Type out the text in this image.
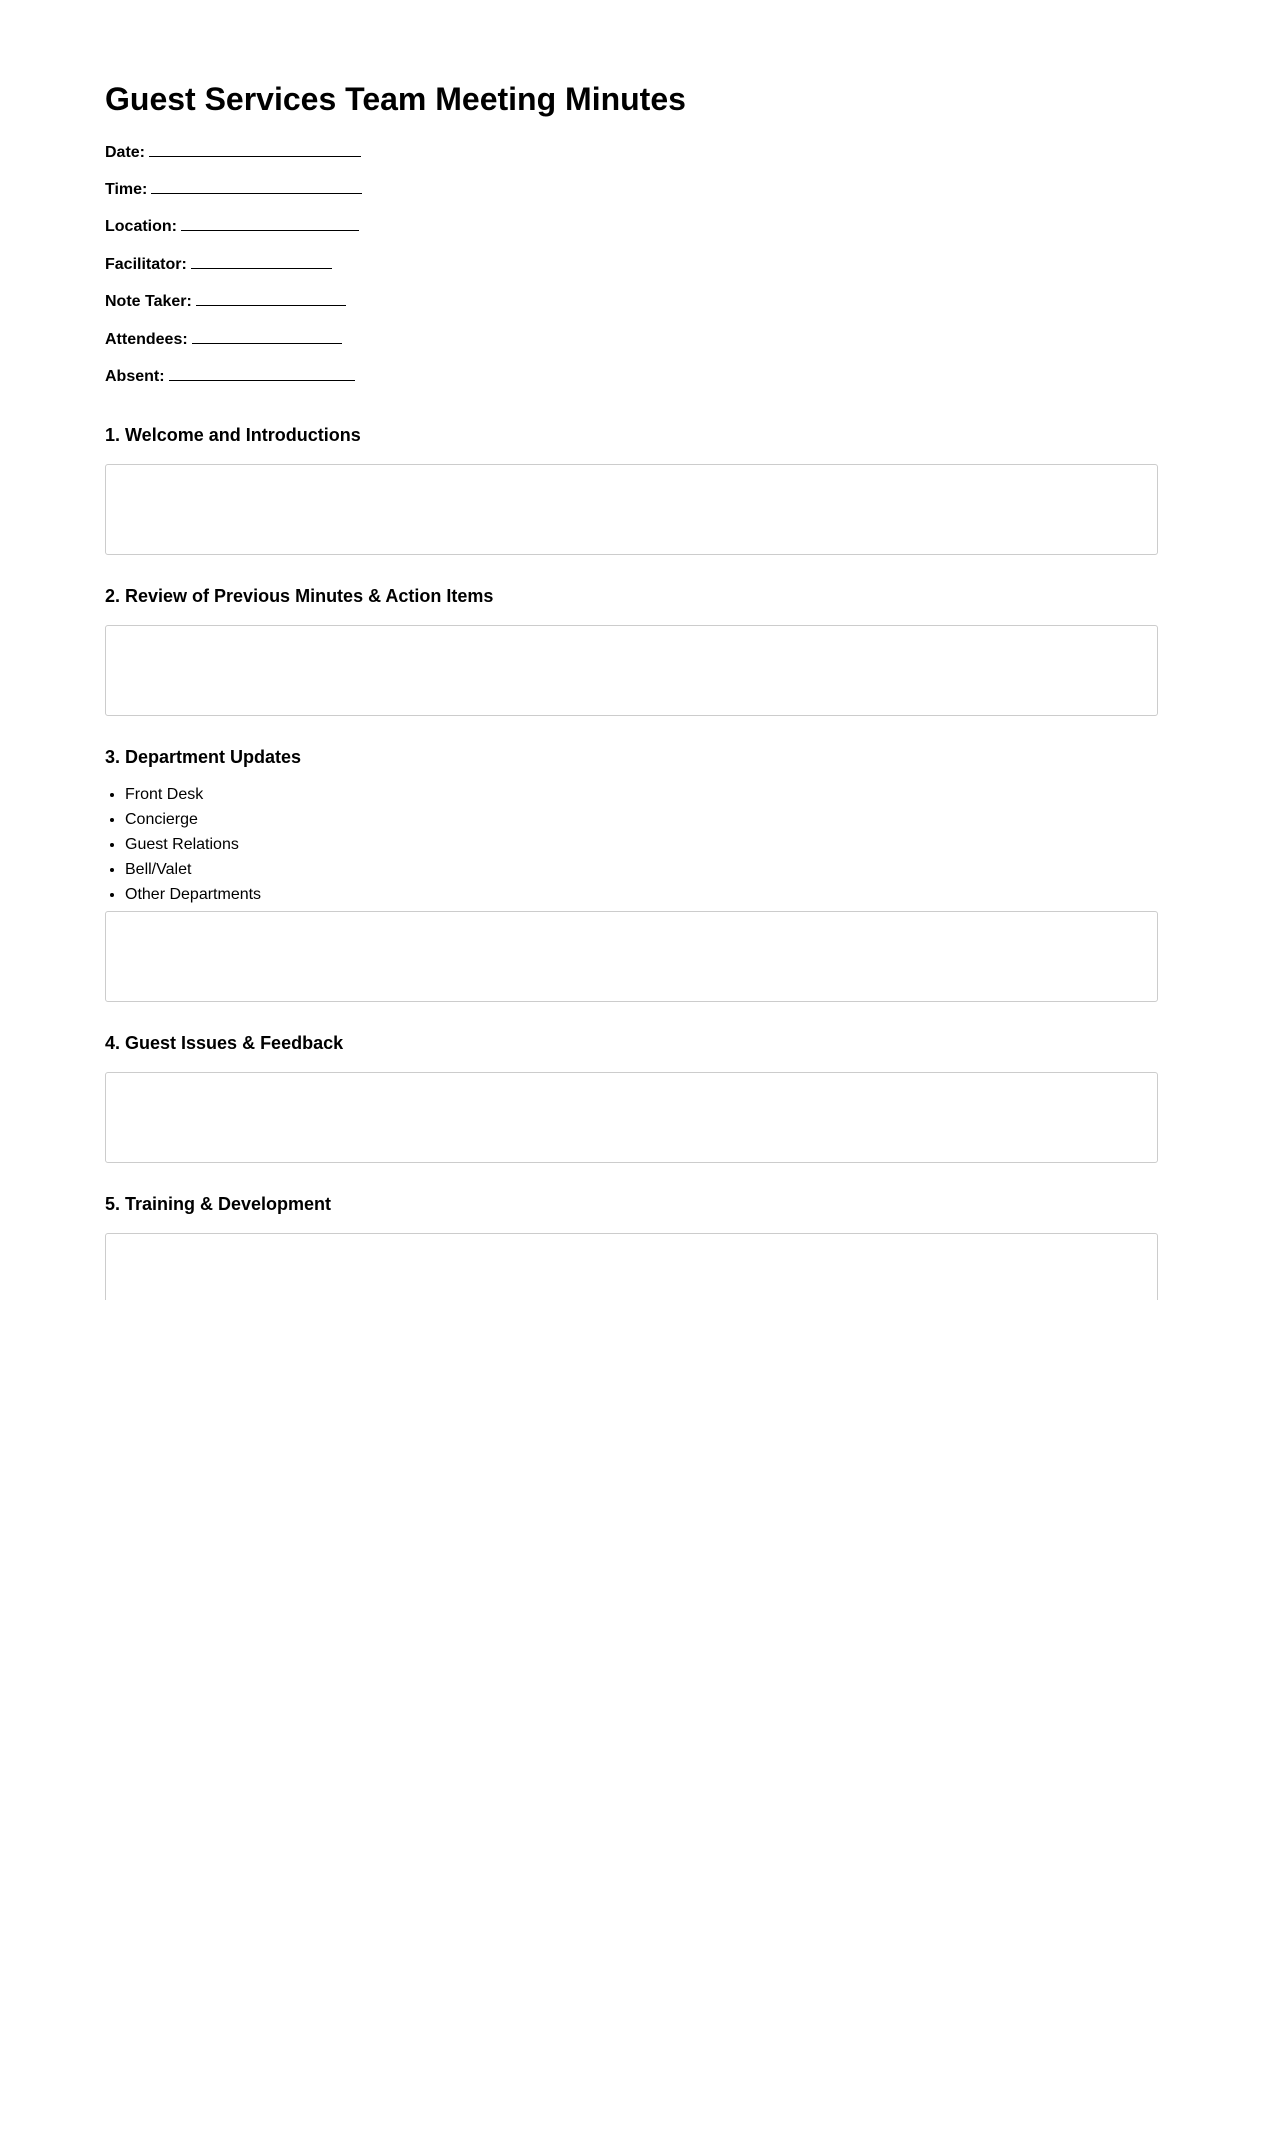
Guest Services Team Meeting Minutes
Date:
Time:
Location:
Facilitator:
Note Taker:
Attendees:
Absent:
1. Welcome and Introductions
2. Review of Previous Minutes & Action Items
3. Department Updates
• Front Desk
• Concierge
• Guest Relations
• Bell/Valet
• Other Departments
4. Guest Issues & Feedback
5. Training & Development
